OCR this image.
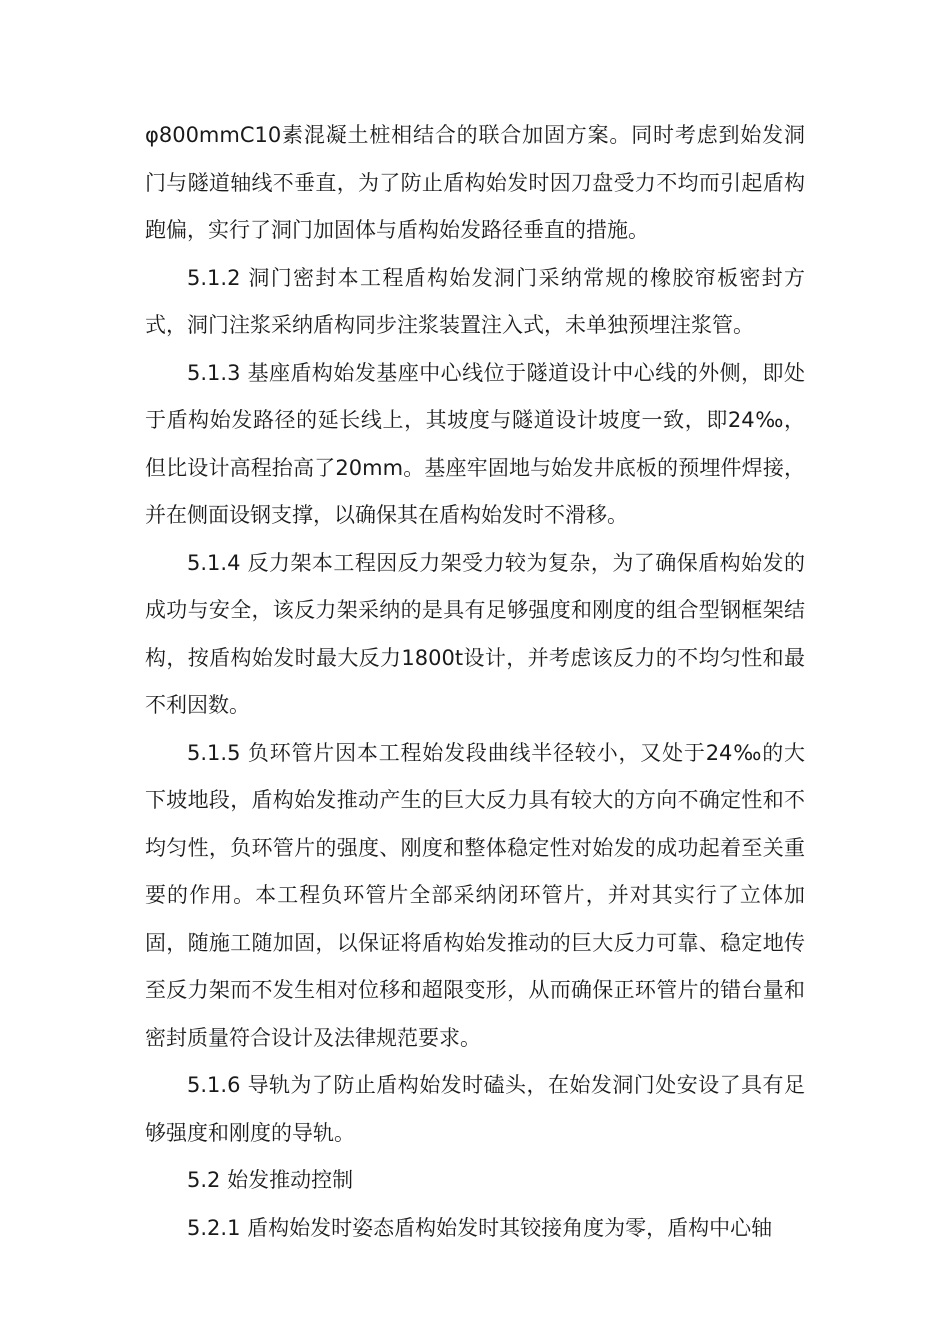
φ800mmC10素混凝土桩相结合的联合加固方案。同时考虑到始发洞门与隧道轴线不垂直，为了防止盾构始发时因刀盘受力不均而引起盾构跑偏，实行了洞门加固体与盾构始发路径垂直的措施。

5.1.2 洞门密封本工程盾构始发洞门采纳常规的橡胶帘板密封方式，洞门注浆采纳盾构同步注浆装置注入式，未单独预埋注浆管。

5.1.3 基座盾构始发基座中心线位于隧道设计中心线的外侧，即处于盾构始发路径的延长线上，其坡度与隧道设计坡度一致，即24‰，但比设计高程抬高了20mm。基座牢固地与始发井底板的预埋件焊接，并在侧面设钢支撑，以确保其在盾构始发时不滑移。

5.1.4 反力架本工程因反力架受力较为复杂，为了确保盾构始发的成功与安全，该反力架采纳的是具有足够强度和刚度的组合型钢框架结构，按盾构始发时最大反力1800t设计，并考虑该反力的不均匀性和最不利因数。

5.1.5 负环管片因本工程始发段曲线半径较小，又处于24‰的大下坡地段，盾构始发推动产生的巨大反力具有较大的方向不确定性和不均匀性，负环管片的强度、刚度和整体稳定性对始发的成功起着至关重要的作用。本工程负环管片全部采纳闭环管片，并对其实行了立体加固，随施工随加固，以保证将盾构始发推动的巨大反力可靠、稳定地传至反力架而不发生相对位移和超限变形，从而确保正环管片的错台量和密封质量符合设计及法律规范要求。

5.1.6 导轨为了防止盾构始发时磕头，在始发洞门处安设了具有足够强度和刚度的导轨。

5.2 始发推动控制

5.2.1 盾构始发时姿态盾构始发时其铰接角度为零，盾构中心轴
